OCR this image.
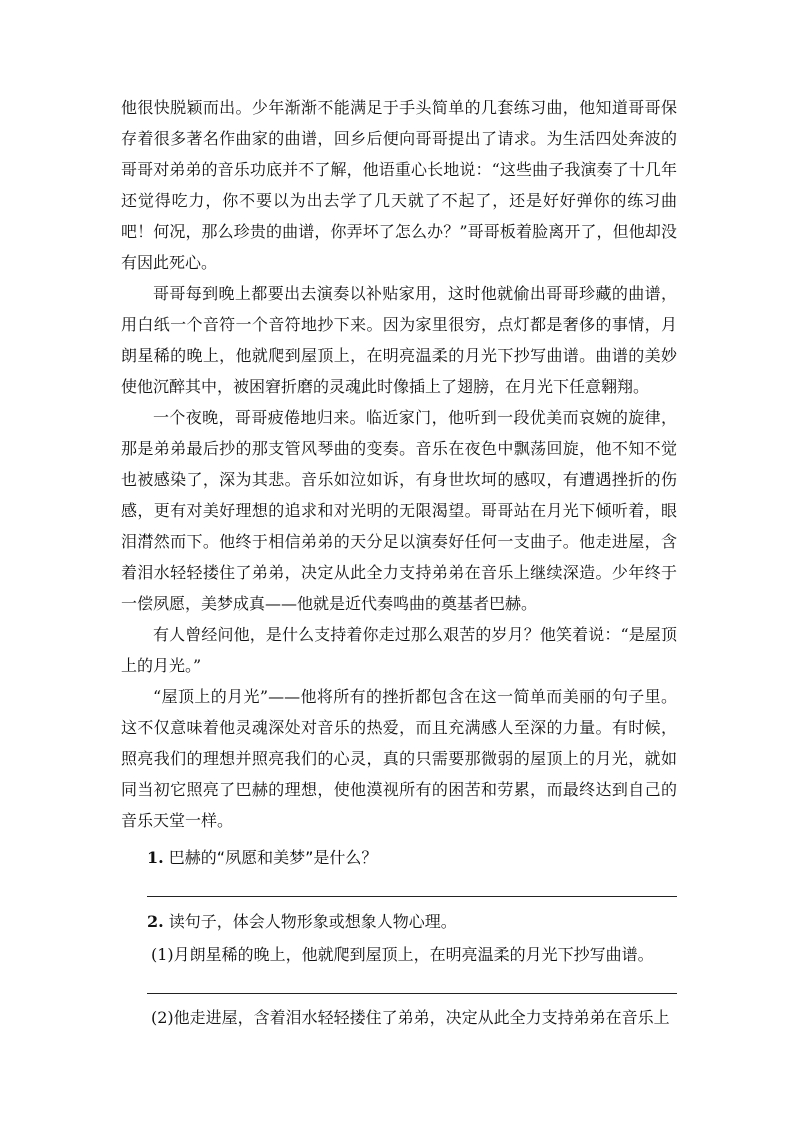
他很快脱颖而出。少年渐渐不能满足于手头简单的几套练习曲，他知道哥哥保存着很多著名作曲家的曲谱，回乡后便向哥哥提出了请求。为生活四处奔波的哥哥对弟弟的音乐功底并不了解，他语重心长地说：“这些曲子我演奏了十几年还觉得吃力，你不要以为出去学了几天就了不起了，还是好好弹你的练习曲吧！何况，那么珍贵的曲谱，你弄坏了怎么办？”哥哥板着脸离开了，但他却没有因此死心。

哥哥每到晚上都要出去演奏以补贴家用，这时他就偷出哥哥珍藏的曲谱，用白纸一个音符一个音符地抄下来。因为家里很穷，点灯都是奢侈的事情，月朗星稀的晚上，他就爬到屋顶上，在明亮温柔的月光下抄写曲谱。曲谱的美妙使他沉醉其中，被困窘折磨的灵魂此时像插上了翅膀，在月光下任意翱翔。

一个夜晚，哥哥疲倦地归来。临近家门，他听到一段优美而哀婉的旋律，那是弟弟最后抄的那支管风琴曲的变奏。音乐在夜色中飘荡回旋，他不知不觉也被感染了，深为其悲。音乐如泣如诉，有身世坎坷的感叹，有遭遇挫折的伤感，更有对美好理想的追求和对光明的无限渴望。哥哥站在月光下倾听着，眼泪潸然而下。他终于相信弟弟的天分足以演奏好任何一支曲子。他走进屋，含着泪水轻轻搂住了弟弟，决定从此全力支持弟弟在音乐上继续深造。少年终于一偿夙愿，美梦成真——他就是近代奏鸣曲的奠基者巴赫。

有人曾经问他，是什么支持着你走过那么艰苦的岁月？他笑着说：“是屋顶上的月光。”

“屋顶上的月光”——他将所有的挫折都包含在这一简单而美丽的句子里。这不仅意味着他灵魂深处对音乐的热爱，而且充满感人至深的力量。有时候，照亮我们的理想并照亮我们的心灵，真的只需要那微弱的屋顶上的月光，就如同当初它照亮了巴赫的理想，使他漠视所有的困苦和劳累，而最终达到自己的音乐天堂一样。

1. 巴赫的“夙愿和美梦”是什么？
2. 读句子，体会人物形象或想象人物心理。
(1)月朗星稀的晚上，他就爬到屋顶上，在明亮温柔的月光下抄写曲谱。
(2)他走进屋，含着泪水轻轻搂住了弟弟，决定从此全力支持弟弟在音乐上
